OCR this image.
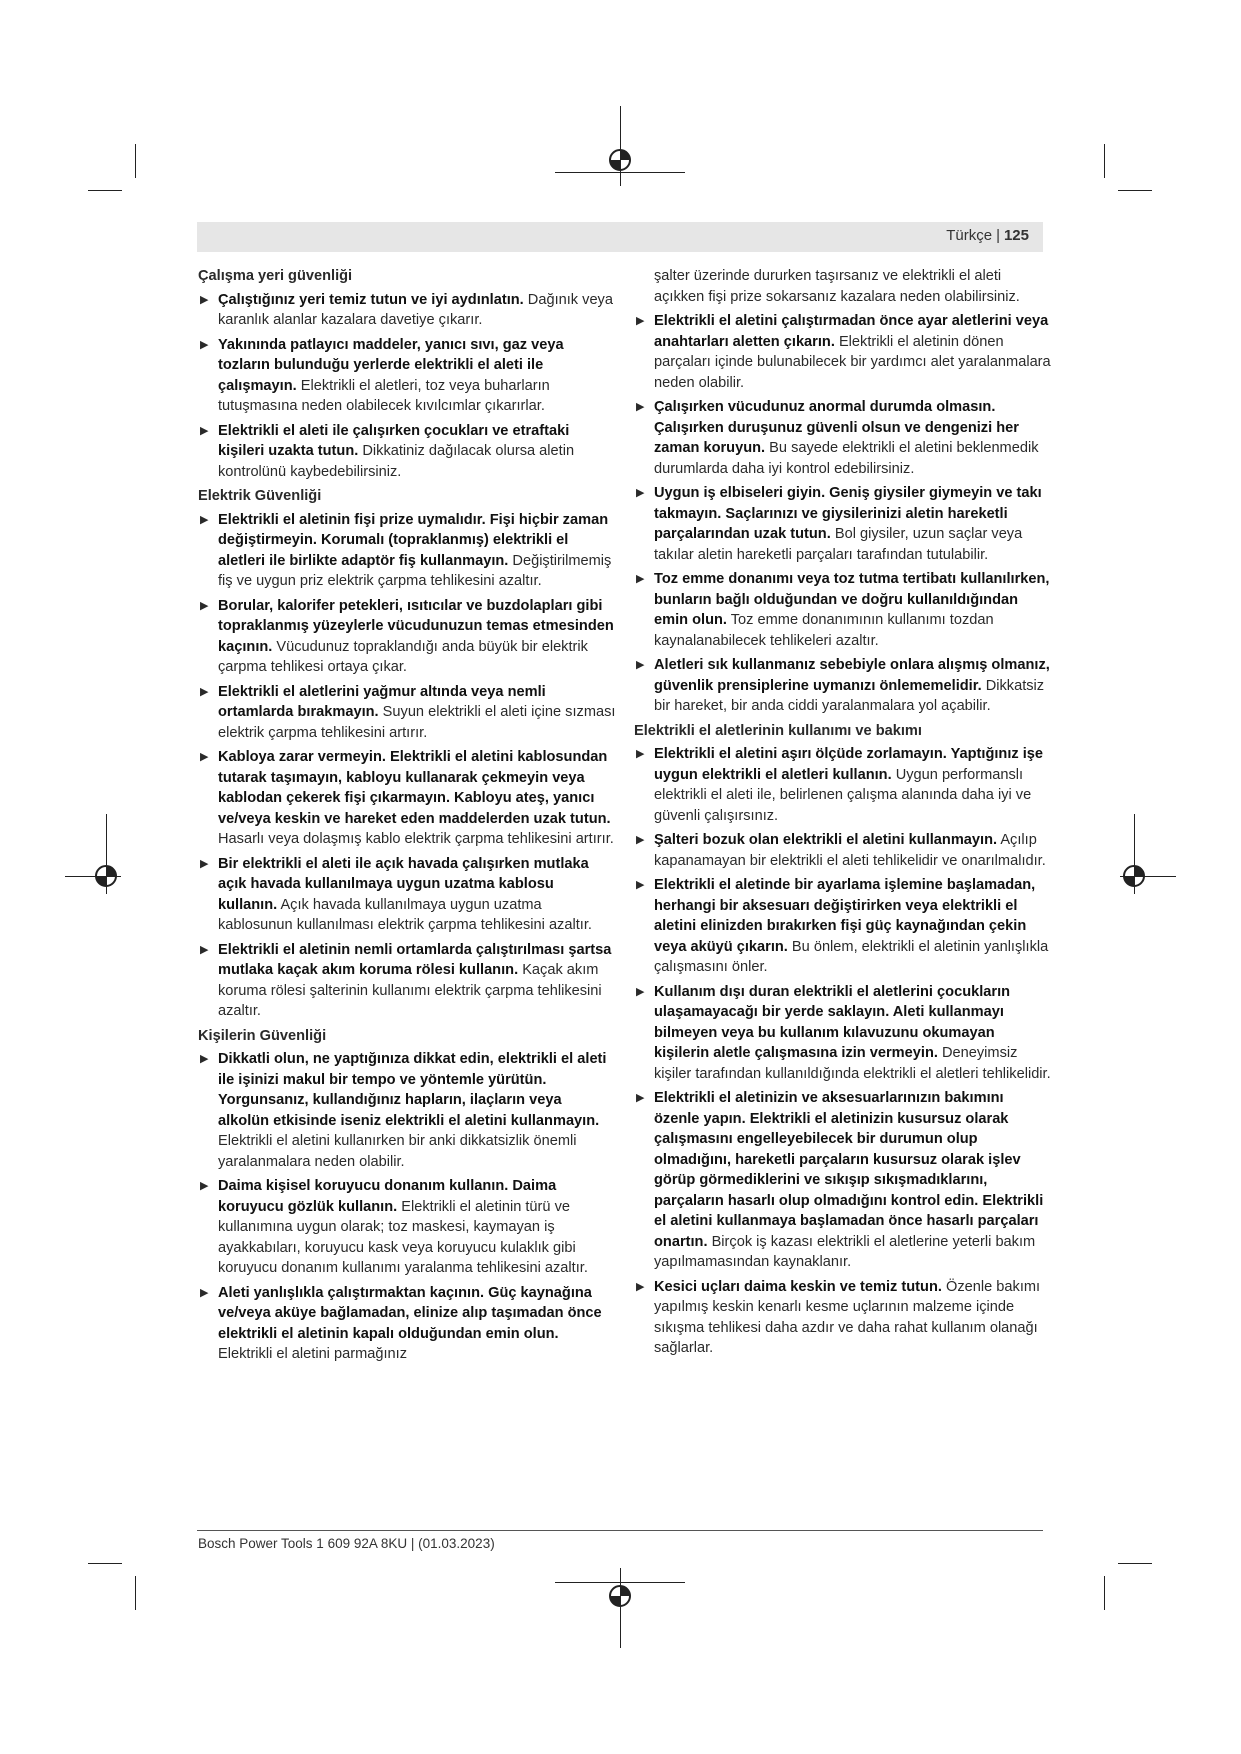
Türkçe | 125
Çalışma yeri güvenliği
▶ Çalıştığınız yeri temiz tutun ve iyi aydınlatın. Dağınık veya karanlık alanlar kazalara davetiye çıkarır.
▶ Yakınında patlayıcı maddeler, yanıcı sıvı, gaz veya tozların bulunduğu yerlerde elektrikli el aleti ile çalışmayın. Elektrikli el aletleri, toz veya buharların tutuşmasına neden olabilecek kıvılcımlar çıkarırlar.
▶ Elektrikli el aleti ile çalışırken çocukları ve etraftaki kişileri uzakta tutun. Dikkatiniz dağılacak olursa aletin kontrolünü kaybedebilirsiniz.
Elektrik Güvenliği
▶ Elektrikli el aletinin fişi prize uymalıdır. Fişi hiçbir zaman değiştirmeyin. Korumalı (topraklanmış) elektrikli el aletleri ile birlikte adaptör fiş kullanmayın. Değiştirilmemiş fiş ve uygun priz elektrik çarpma tehlikesini azaltır.
▶ Borular, kalorifer petekleri, ısıtıcılar ve buzdolapları gibi topraklanmış yüzeylerle vücudunuzun temas etmesinden kaçının. Vücudunuz topraklandığı anda büyük bir elektrik çarpma tehlikesi ortaya çıkar.
▶ Elektrikli el aletlerini yağmur altında veya nemli ortamlarda bırakmayın. Suyun elektrikli el aleti içine sızması elektrik çarpma tehlikesini artırır.
▶ Kabloya zarar vermeyin. Elektrikli el aletini kablosundan tutarak taşımayın, kabloyu kullanarak çekmeyin veya kablodan çekerek fişi çıkarmayın. Kabloyu ateş, yanıcı ve/veya keskin ve hareket eden maddelerden uzak tutun. Hasarlı veya dolaşmış kablo elektrik çarpma tehlikesini artırır.
▶ Bir elektrikli el aleti ile açık havada çalışırken mutlaka açık havada kullanılmaya uygun uzatma kablosu kullanın. Açık havada kullanılmaya uygun uzatma kablosunun kullanılması elektrik çarpma tehlikesini azaltır.
▶ Elektrikli el aletinin nemli ortamlarda çalıştırılması şartsa mutlaka kaçak akım koruma rölesi kullanın. Kaçak akım koruma rölesi şalterinin kullanımı elektrik çarpma tehlikesini azaltır.
Kişilerin Güvenliği
▶ Dikkatli olun, ne yaptığınıza dikkat edin, elektrikli el aleti ile işinizi makul bir tempo ve yöntemle yürütün. Yorgunsanız, kullandığınız hapların, ilaçların veya alkolün etkisinde iseniz elektrikli el aletini kullanmayın. Elektrikli el aletini kullanırken bir anki dikkatsizlik önemli yaralanmalara neden olabilir.
▶ Daima kişisel koruyucu donanım kullanın. Daima koruyucu gözlük kullanın. Elektrikli el aletinin türü ve kullanımına uygun olarak; toz maskesi, kaymayan iş ayakkabıları, koruyucu kask veya koruyucu kulaklık gibi koruyucu donanım kullanımı yaralanma tehlikesini azaltır.
▶ Aleti yanlışlıkla çalıştırmaktan kaçının. Güç kaynağına ve/veya aküye bağlamadan, elinize alıp taşımadan önce elektrikli el aletinin kapalı olduğundan emin olun. Elektrikli el aletini parmağınız
şalter üzerinde dururken taşırsanız ve elektrikli el aleti açıkken fişi prize sokarsanız kazalara neden olabilirsiniz.
▶ Elektrikli el aletini çalıştırmadan önce ayar aletlerini veya anahtarları aletten çıkarın. Elektrikli el aletinin dönen parçaları içinde bulunabilecek bir yardımcı alet yaralanmalara neden olabilir.
▶ Çalışırken vücudunuz anormal durumda olmasın. Çalışırken duruşunuz güvenli olsun ve dengenizi her zaman koruyun. Bu sayede elektrikli el aletini beklenmedik durumlarda daha iyi kontrol edebilirsiniz.
▶ Uygun iş elbiseleri giyin. Geniş giysiler giymeyin ve takı takmayın. Saçlarınızı ve giysilerinizi aletin hareketli parçalarından uzak tutun. Bol giysiler, uzun saçlar veya takılar aletin hareketli parçaları tarafından tutulabilir.
▶ Toz emme donanımı veya toz tutma tertibatı kullanılırken, bunların bağlı olduğundan ve doğru kullanıldığından emin olun. Toz emme donanımının kullanımı tozdan kaynalanabilecek tehlikeleri azaltır.
▶ Aletleri sık kullanmanız sebebiyle onlara alışmış olmanız, güvenlik prensiplerine uymanızı önlememelidir. Dikkatsiz bir hareket, bir anda ciddi yaralanmalara yol açabilir.
Elektrikli el aletlerinin kullanımı ve bakımı
▶ Elektrikli el aletini aşırı ölçüde zorlamayın. Yaptığınız işe uygun elektrikli el aletleri kullanın. Uygun performanslı elektrikli el aleti ile, belirlenen çalışma alanında daha iyi ve güvenli çalışırsınız.
▶ Şalteri bozuk olan elektrikli el aletini kullanmayın. Açılıp kapanamayan bir elektrikli el aleti tehlikelidir ve onarılmalıdır.
▶ Elektrikli el aletinde bir ayarlama işlemine başlamadan, herhangi bir aksesuarı değiştirirken veya elektrikli el aletini elinizden bırakırken fişi güç kaynağından çekin veya aküyü çıkarın. Bu önlem, elektrikli el aletinin yanlışlıkla çalışmasını önler.
▶ Kullanım dışı duran elektrikli el aletlerini çocukların ulaşamayacağı bir yerde saklayın. Aleti kullanmayı bilmeyen veya bu kullanım kılavuzunu okumayan kişilerin aletle çalışmasına izin vermeyin. Deneyimsiz kişiler tarafından kullanıldığında elektrikli el aletleri tehlikelidir.
▶ Elektrikli el aletinizin ve aksesuarlarınızın bakımını özenle yapın. Elektrikli el aletinizin kusursuz olarak çalışmasını engelleyebilecek bir durumun olup olmadığını, hareketli parçaların kusursuz olarak işlev görüp görmediklerini ve sıkışıp sıkışmadıklarını, parçaların hasarlı olup olmadığını kontrol edin. Elektrikli el aletini kullanmaya başlamadan önce hasarlı parçaları onartın. Birçok iş kazası elektrikli el aletlerine yeterli bakım yapılmamasından kaynaklanır.
▶ Kesici uçları daima keskin ve temiz tutun. Özenle bakımı yapılmış keskin kenarlı kesme uçlarının malzeme içinde sıkışma tehlikesi daha azdır ve daha rahat kullanım olanağı sağlarlar.
Bosch Power Tools 1 609 92A 8KU | (01.03.2023)
